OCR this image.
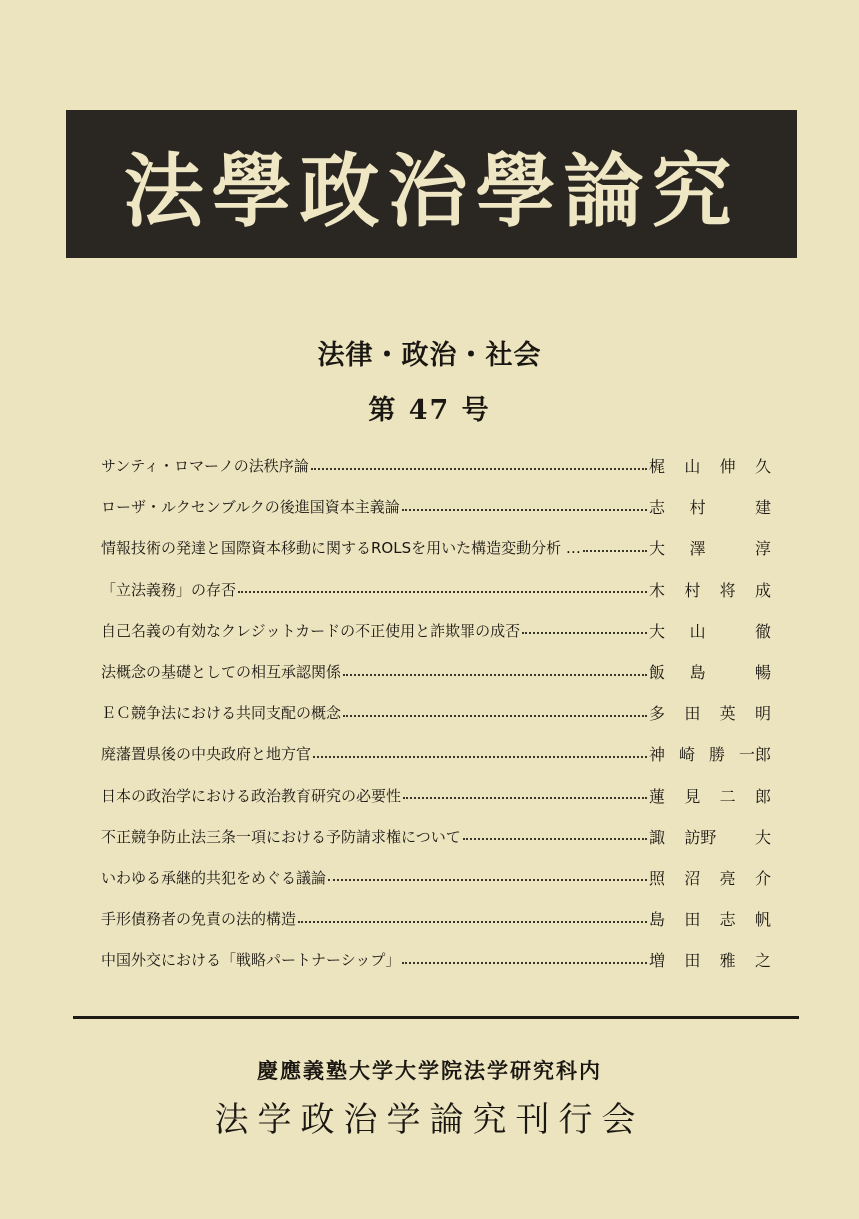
法學政治學論究
法律・政治・社会
第 47 号
サンティ・ロマーノの法秩序論	梶 山 伸 久
ローザ・ルクセンブルクの後進国資本主義論	志 村	建
情報技術の発達と国際資本移動に関するROLSを用いた構造変動分析 …	大 澤	淳
「立法義務」の存否	木 村 将 成
自己名義の有効なクレジットカードの不正使用と詐欺罪の成否	大 山	徹
法概念の基礎としての相互承認関係	飯 島	暢
ＥＣ競争法における共同支配の概念	多 田 英 明
廃藩置県後の中央政府と地方官	神 崎 勝 一郎
日本の政治学における政治教育研究の必要性	蓮 見 二 郎
不正競争防止法三条一項における予防請求権について	諏 訪野 大
いわゆる承継的共犯をめぐる議論	照 沼 亮 介
手形債務者の免責の法的構造	島 田 志 帆
中国外交における「戦略パートナーシップ」	増 田 雅 之
慶應義塾大学大学院法学研究科内
法学政治学論究刊行会
